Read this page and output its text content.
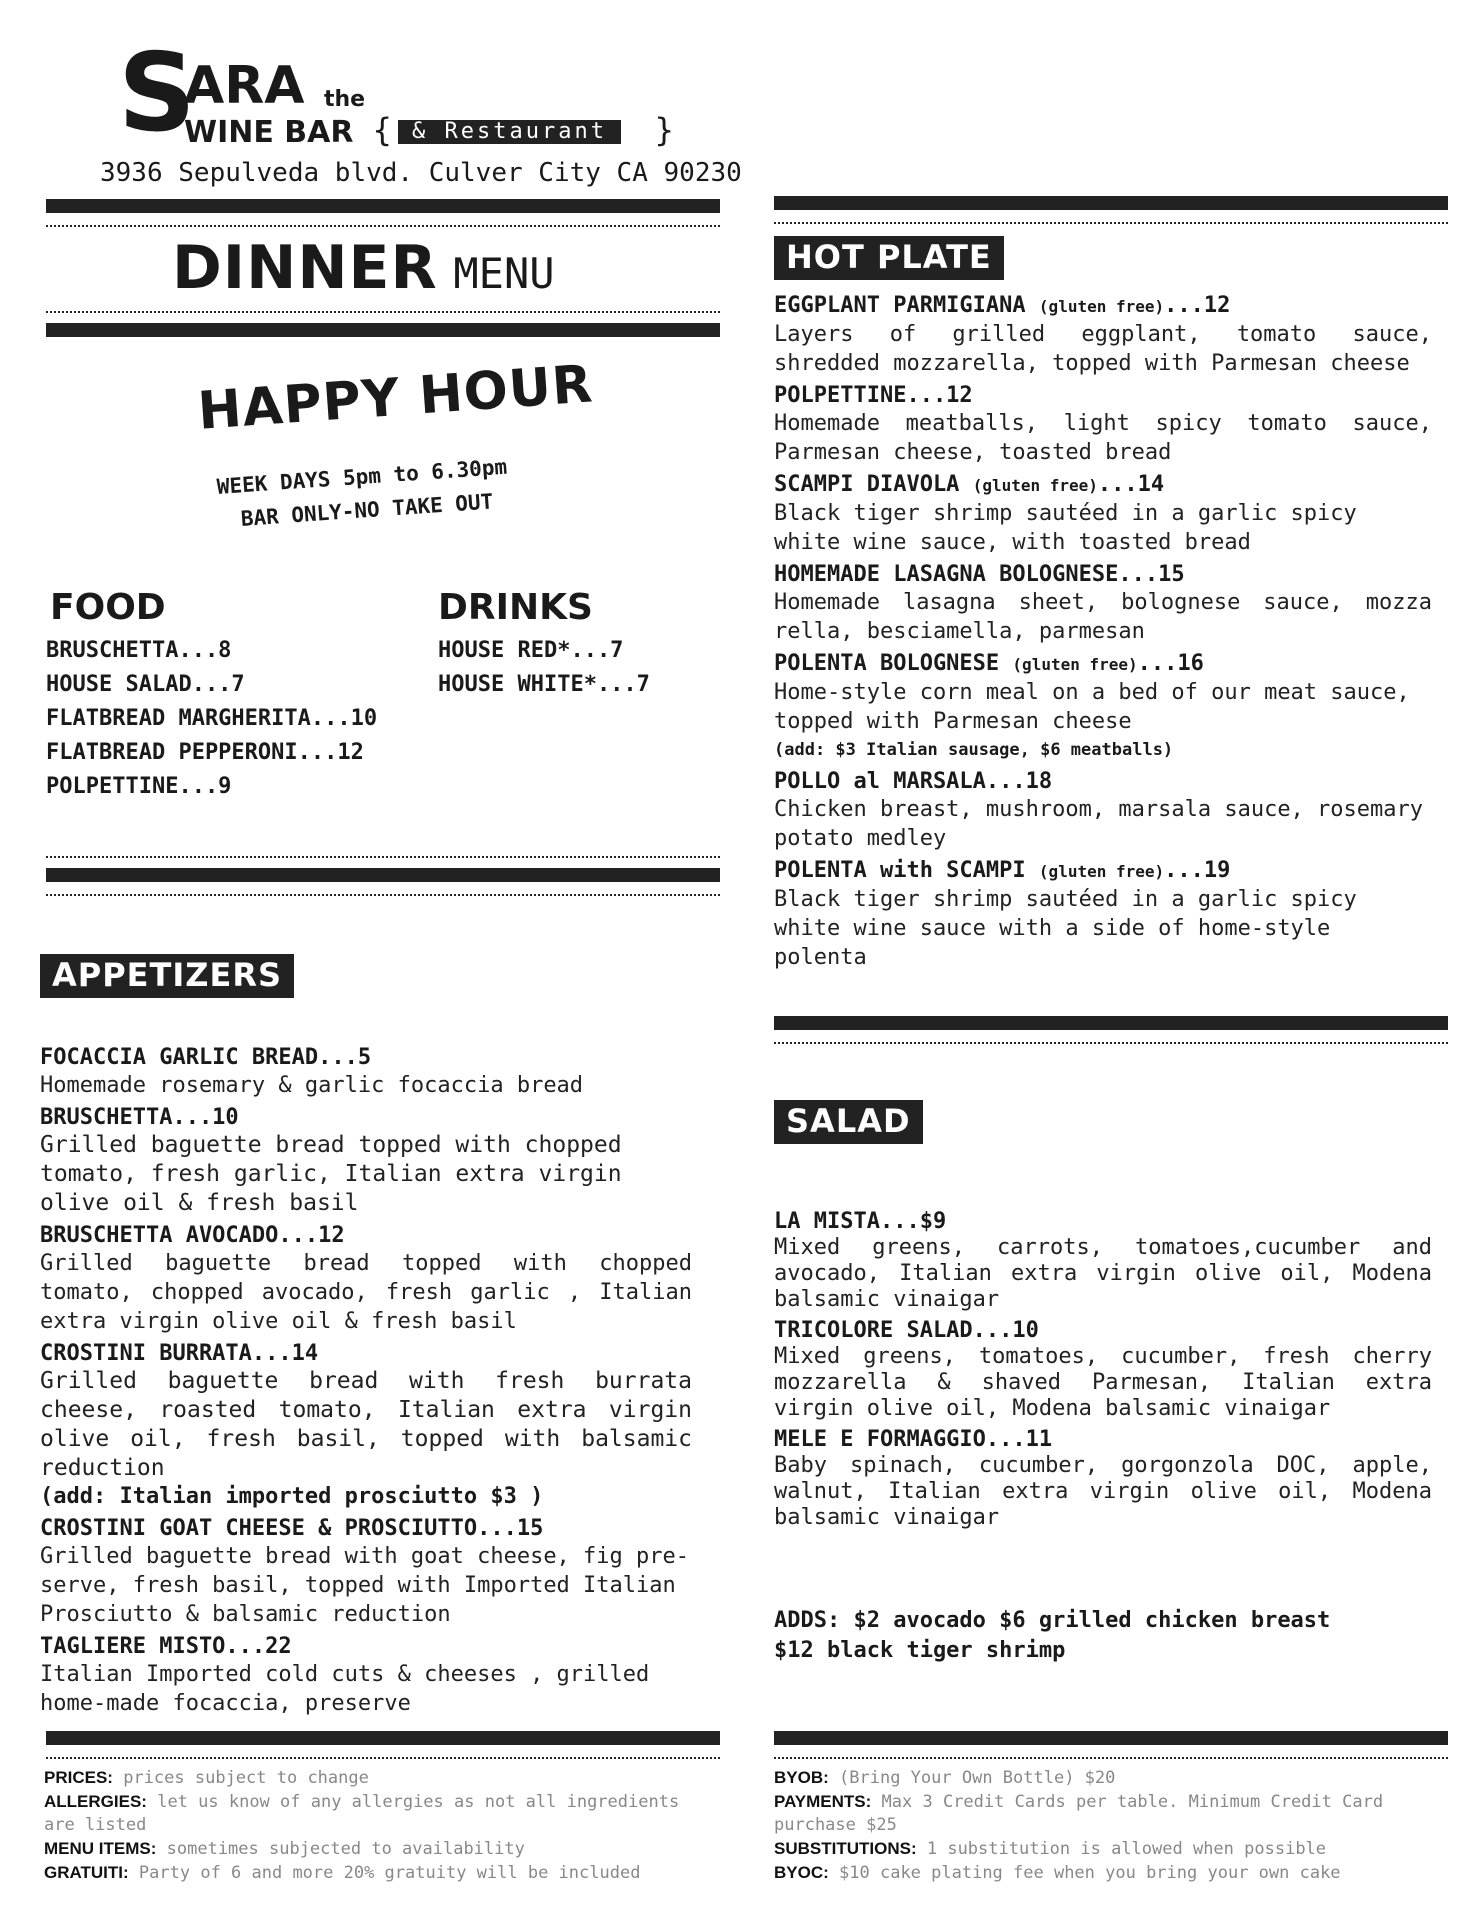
S
ARA the
WINE BAR { & Restaurant	}
3936 Sepulveda blvd. Culver City CA 90230
DINNER MENU
HAPPY HOUR
WEEK DAYS 5pm to 6.30pm
BAR ONLY-NO TAKE OUT
FOOD
BRUSCHETTA...8
HOUSE SALAD...7
FLATBREAD MARGHERITA...10
FLATBREAD PEPPERONI...12
POLPETTINE...9
DRINKS
HOUSE RED*...7
HOUSE WHITE*...7
APPETIZERS
FOCACCIA GARLIC BREAD...5
Homemade rosemary & garlic focaccia bread
BRUSCHETTA...10
Grilled baguette bread topped with chopped tomato, fresh garlic, Italian extra virgin olive oil & fresh basil
BRUSCHETTA AVOCADO...12
Grilled baguette bread topped with chopped tomato, chopped avocado, fresh garlic , Italian extra virgin olive oil & fresh basil
CROSTINI BURRATA...14
Grilled baguette bread with fresh burrata cheese, roasted tomato, Italian extra virgin olive oil, fresh basil, topped with balsamic reduction
(add: Italian imported prosciutto $3 )
CROSTINI GOAT CHEESE & PROSCIUTTO...15
Grilled baguette bread with goat cheese, fig pre-serve, fresh basil, topped with Imported Italian Prosciutto & balsamic reduction
TAGLIERE MISTO...22
Italian Imported cold cuts & cheeses , grilled home-made focaccia, preserve
PRICES: prices subject to change
ALLERGIES: let us know of any allergies as not all ingredients are listed
MENU ITEMS: sometimes subjected to availability
GRATUITI: Party of 6 and more 20% gratuity will be included
HOT PLATE
EGGPLANT PARMIGIANA (gluten free)...12
Layers of grilled eggplant, tomato sauce, shredded mozzarella, topped with Parmesan cheese
POLPETTINE...12
Homemade meatballs, light spicy tomato sauce, Parmesan cheese, toasted bread
SCAMPI DIAVOLA (gluten free)...14
Black tiger shrimp sautéed in a garlic spicy white wine sauce, with toasted bread
HOMEMADE LASAGNA BOLOGNESE...15
Homemade lasagna sheet, bolognese sauce, mozza rella, besciamella, parmesan
POLENTA BOLOGNESE (gluten free)...16
Home-style corn meal on a bed of our meat sauce, topped with Parmesan cheese
(add: $3 Italian sausage, $6 meatballs)
POLLO al MARSALA...18
Chicken breast, mushroom, marsala sauce, rosemary potato medley
POLENTA with SCAMPI (gluten free)...19
Black tiger shrimp sautéed in a garlic spicy white wine sauce with a side of home-style polenta
SALAD
LA MISTA...$9
Mixed greens, carrots, tomatoes,cucumber and avocado, Italian extra virgin olive oil, Modena balsamic vinaigar
TRICOLORE SALAD...10
Mixed greens, tomatoes, cucumber, fresh cherry mozzarella & shaved Parmesan, Italian extra virgin olive oil, Modena balsamic vinaigar
MELE E FORMAGGIO...11
Baby spinach, cucumber, gorgonzola DOC, apple, walnut, Italian extra virgin olive oil, Modena balsamic vinaigar
ADDS: $2 avocado $6 grilled chicken breast
$12 black tiger shrimp
BYOB: (Bring Your Own Bottle) $20
PAYMENTS: Max 3 Credit Cards per table. Minimum Credit Card purchase $25
SUBSTITUTIONS: 1 substitution is allowed when possible
BYOC: $10 cake plating fee when you bring your own cake
